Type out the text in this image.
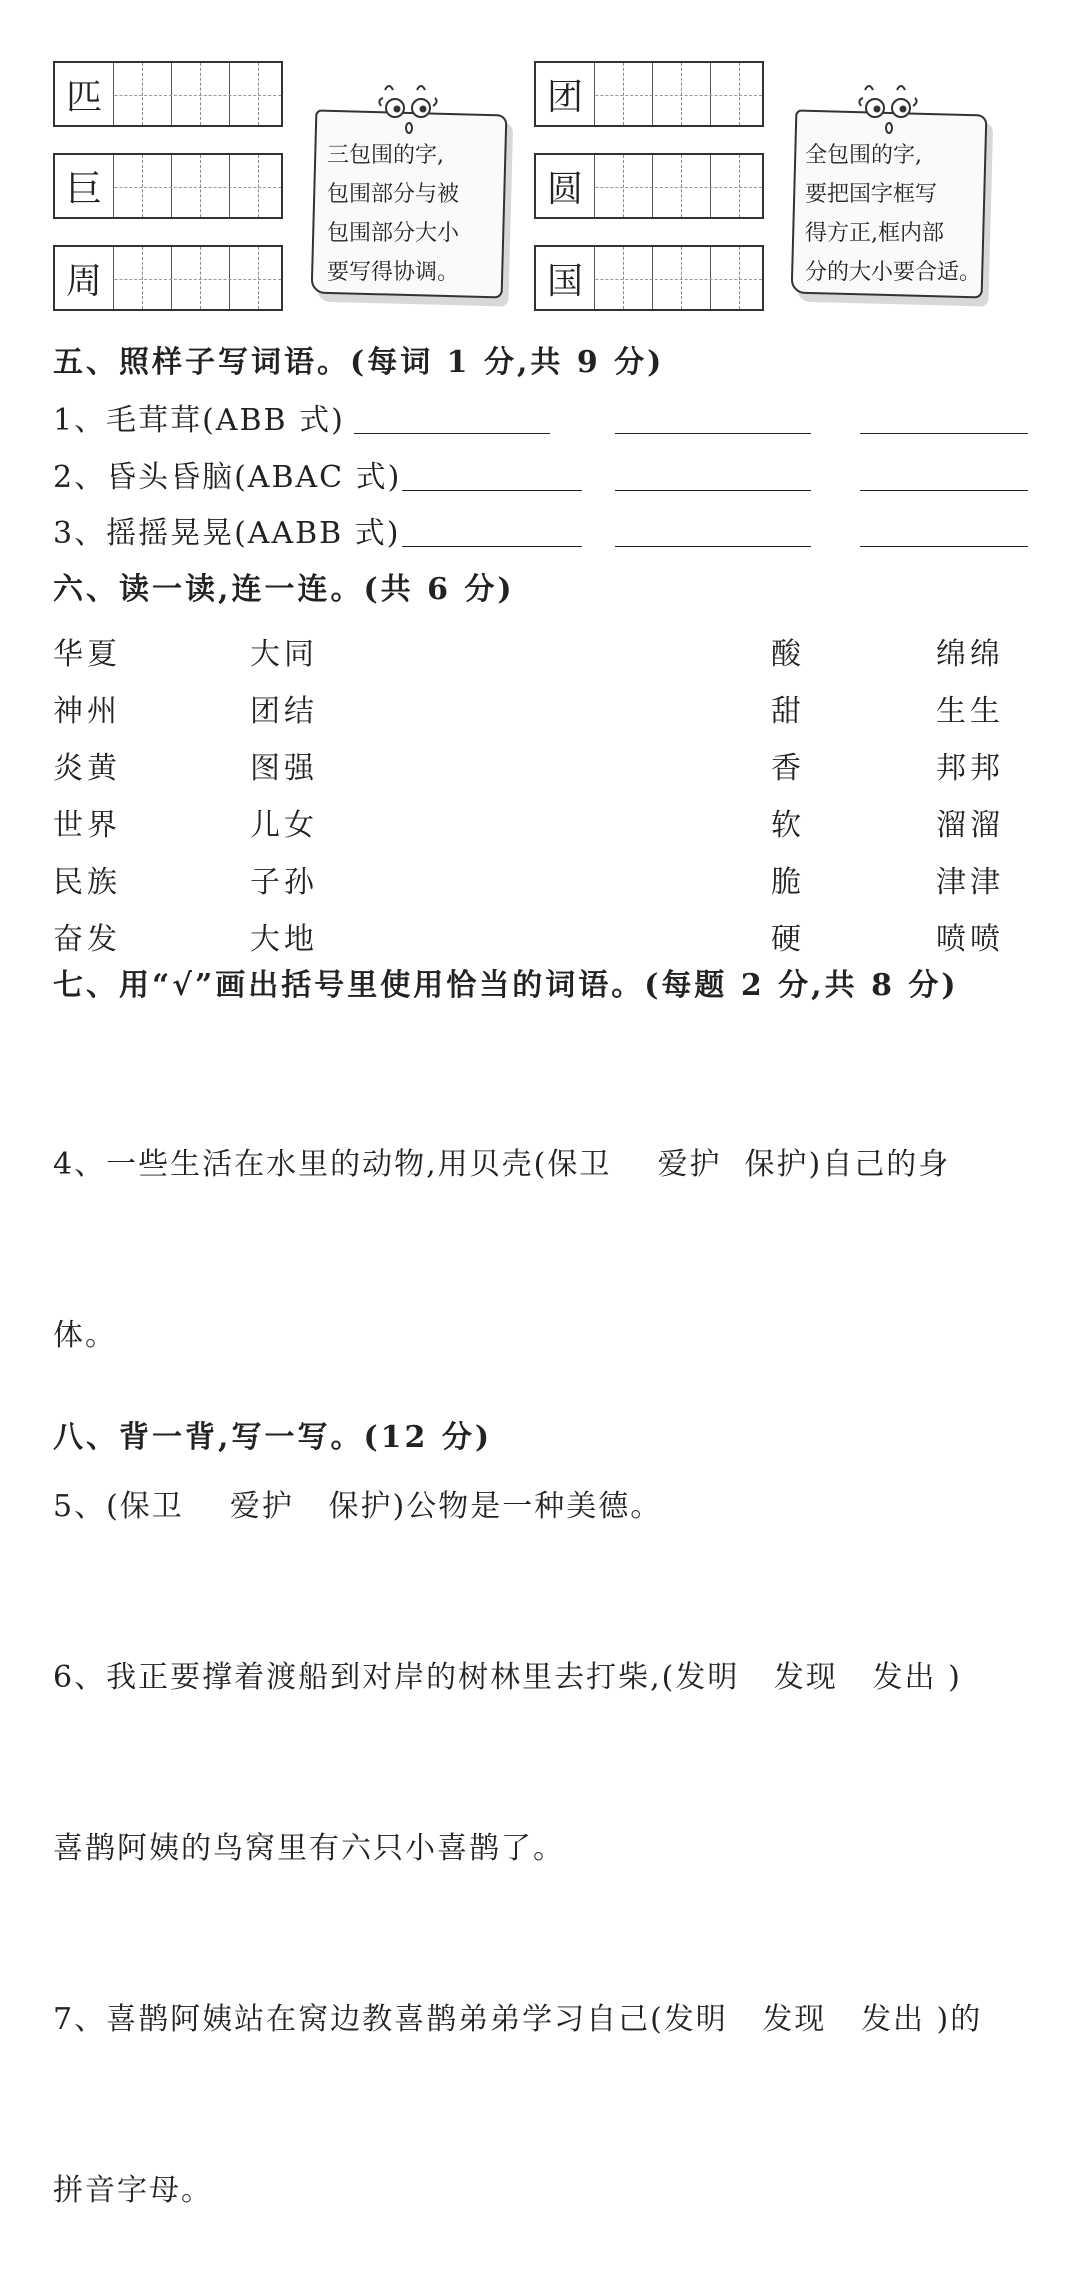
匹
巨
周
团
圆
国
三包围的字,
包围部分与被
包围部分大小
要写得协调。
全包围的字,
要把国字框写
得方正,框内部
分的大小要合适。
五、照样子写词语。(每词 1 分,共 9 分)
1、毛茸茸(ABB 式)
2、昏头昏脑(ABAC 式)
3、摇摇晃晃(AABB 式)
六、读一读,连一连。(共 6 分)
华夏
神州
炎黄
世界
民族
奋发
大同
团结
图强
儿女
子孙
大地
酸
甜
香
软
脆
硬
绵绵
生生
邦邦
溜溜
津津
喷喷
七、用“√”画出括号里使用恰当的词语。(每题 2 分,共 8 分)

4、一些生活在水里的动物,用贝壳(保卫    爱护  保护)自己的身

体。

5、(保卫    爱护   保护)公物是一种美德。

6、我正要撑着渡船到对岸的树林里去打柴,(发明   发现   发出 )

喜鹊阿姨的鸟窝里有六只小喜鹊了。

7、喜鹊阿姨站在窝边教喜鹊弟弟学习自己(发明   发现   发出 )的

拼音字母。

八、背一背,写一写。(12 分)
